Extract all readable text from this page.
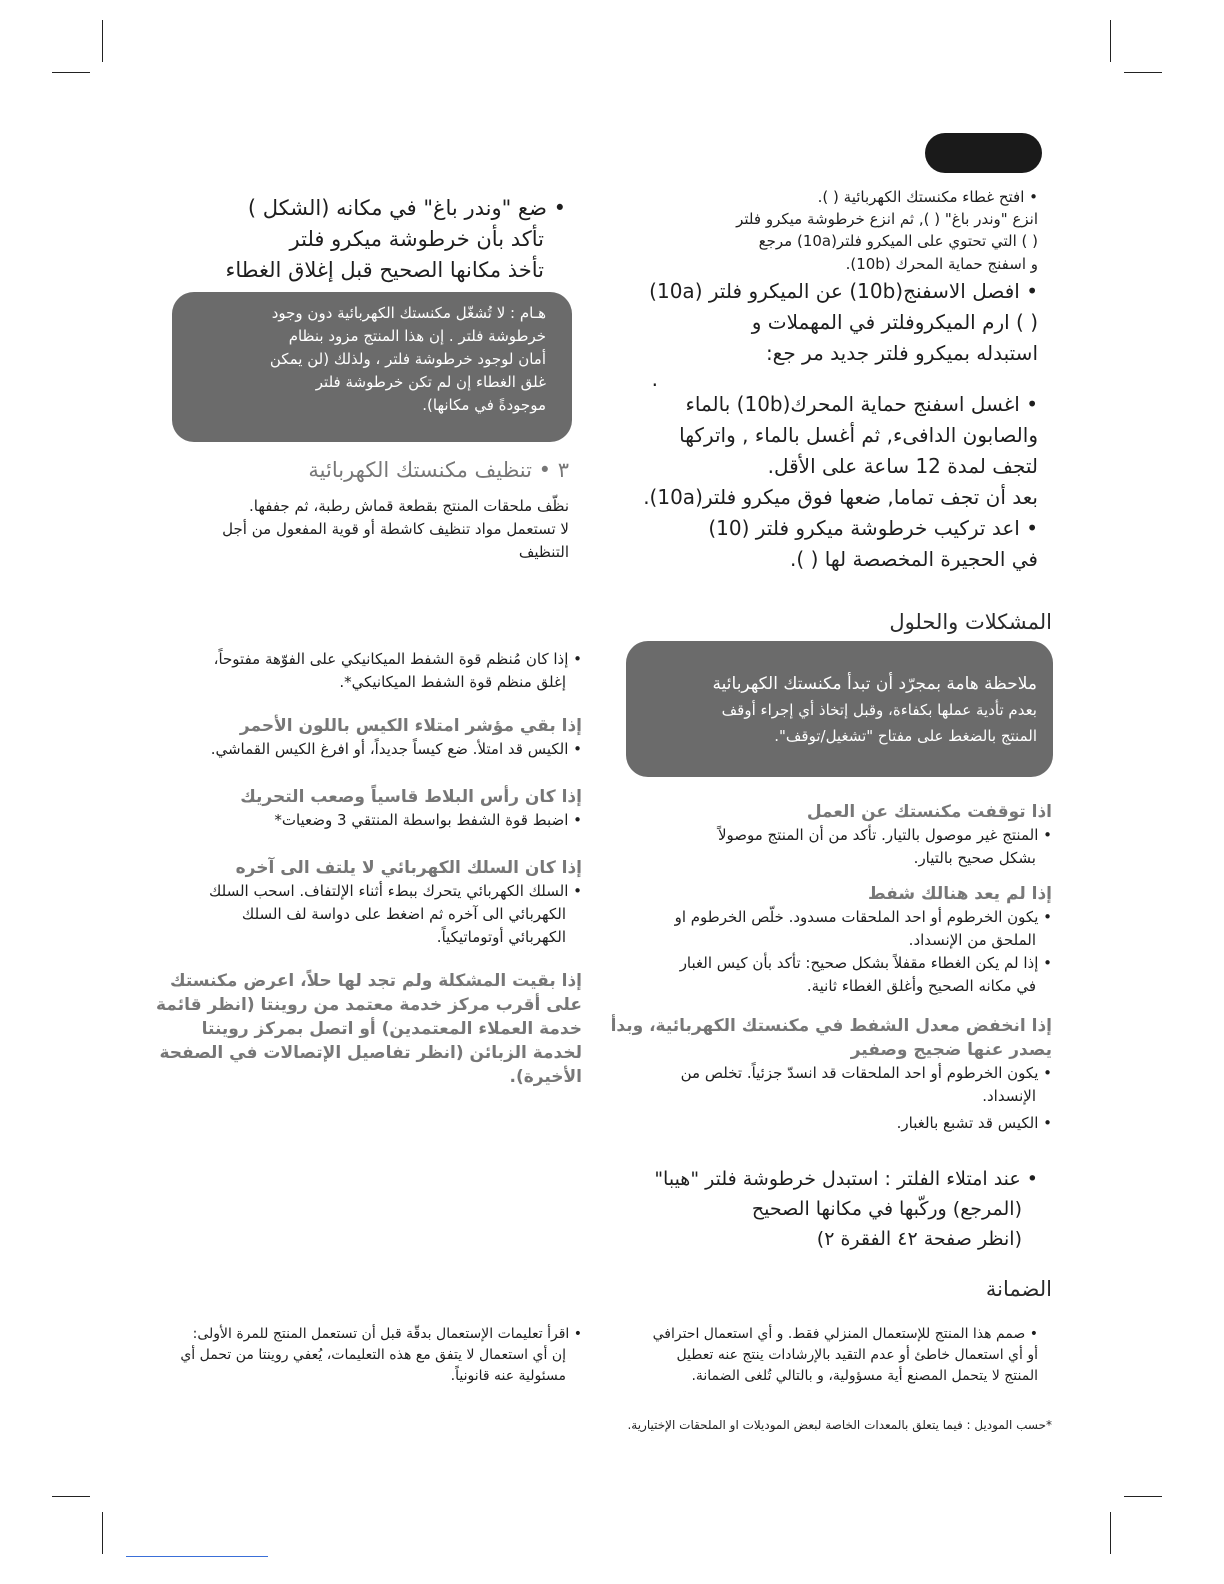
• افتح غطاء مكنستك الكهربائية ( ).
انزع "وندر باغ" ( ), ثم انزع خرطوشة ميكرو فلتر
( ) التي تحتوي على الميكرو فلتر(10a) مرجع
و اسفنج حماية المحرك (10b).
• افصل الاسفنج(10b) عن الميكرو فلتر (10a)
( ) ارم الميكروفلتر في المهملات و
استبدله بميكرو فلتر جديد مر جع:
.
• اغسل اسفنج حماية المحرك(10b) بالماء
والصابون الدافىء, ثم أغسل بالماء , واتركها
لتجف لمدة 12 ساعة على الأقل.
بعد أن تجف تماما, ضعها فوق ميكرو فلتر(10a).
• اعد تركيب خرطوشة ميكرو فلتر (10)
في الحجيرة المخصصة لها ( ).
• ضع "وندر باغ" في مكانه (الشكل )
تأكد بأن خرطوشة ميكرو فلتر
تأخذ مكانها الصحيح قبل إغلاق الغطاء
هـام : لا تُشغّل مكنستك الكهربائية دون وجود
خرطوشة فلتر . إن هذا المنتج مزود بنظام
أمان لوجود خرطوشة فلتر ، ولذلك (لن يمكن
غلق الغطاء إن لم تكن خرطوشة فلتر
موجودةً في مكانها).
٣ • تنظيف مكنستك الكهربائية
نظّف ملحقات المنتج بقطعة قماش رطبة، ثم جففها.
لا تستعمل مواد تنظيف كاشطة أو قوية المفعول من أجل
التنظيف
المشكلات والحلول
ملاحظة هامة بمجرّد أن تبدأ مكنستك الكهربائية
بعدم تأدية عملها بكفاءة، وقبل إتخاذ أي إجراء أوقف
المنتج بالضغط على مفتاح "تشغيل/توقف".
اذا توقفت مكنستك عن العمل
• المنتج غير موصول بالتيار. تأكد من أن المنتج موصولاً
بشكل صحيح بالتيار.
إذا لم يعد هنالك شفط
• يكون الخرطوم أو احد الملحقات مسدود. خلّص الخرطوم او
الملحق من الإنسداد.
• إذا لم يكن الغطاء مقفلاً بشكل صحيح: تأكد بأن كيس الغبار
في مكانه الصحيح وأغلق الغطاء ثانية.
إذا انخفض معدل الشفط في مكنستك الكهربائية، وبدأ
يصدر عنها ضجيج وصفير
• يكون الخرطوم أو احد الملحقات قد انسدّ جزئياً. تخلص من
الإنسداد.
• الكيس قد تشبع بالغبار.
• عند امتلاء الفلتر : استبدل خرطوشة فلتر "هيبا"
(المرجع) وركّبها في مكانها الصحيح
(انظر صفحة ٤٢ الفقرة ٢)
الضمانة
• صمم هذا المنتج للإستعمال المنزلي فقط. و أي استعمال احترافي
أو أي استعمال خاطئ أو عدم التقيد بالإرشادات ينتج عنه تعطيل
المنتج لا يتحمل المصنع أية مسؤولية، و بالتالي تُلغى الضمانة.
• إذا كان مُنظم قوة الشفط الميكانيكي على الفوّهة مفتوحاً،
إغلق منظم قوة الشفط الميكانيكي*.
إذا بقي مؤشر امتلاء الكيس باللون الأحمر
• الكيس قد امتلأ. ضع كيساً جديداً، أو افرغ الكيس القماشي.
إذا كان رأس البلاط قاسياً وصعب التحريك
• اضبط قوة الشفط بواسطة المنتقي 3 وضعيات*
إذا كان السلك الكهربائي لا يلتف الى آخره
• السلك الكهربائي يتحرك ببطء أثناء الإلتفاف. اسحب السلك
الكهربائي الى آخره ثم اضغط على دواسة لف السلك
الكهربائي أوتوماتيكياً.
إذا بقيت المشكلة ولم تجد لها حلاً، اعرض مكنستك
على أقرب مركز خدمة معتمد من روينتا (انظر قائمة
خدمة العملاء المعتمدين) أو اتصل بمركز روينتا
لخدمة الزبائن (انظر تفاصيل الإتصالات في الصفحة
الأخيرة).
• اقرأ تعليمات الإستعمال بدقّة قبل أن تستعمل المنتج للمرة الأولى:
إن أي استعمال لا يتفق مع هذه التعليمات، يُعفي روينتا من تحمل أي
مسئولية عنه قانونياً.
*حسب الموديل : فيما يتعلق بالمعدات الخاصة لبعض الموديلات او الملحقات الإختيارية.
